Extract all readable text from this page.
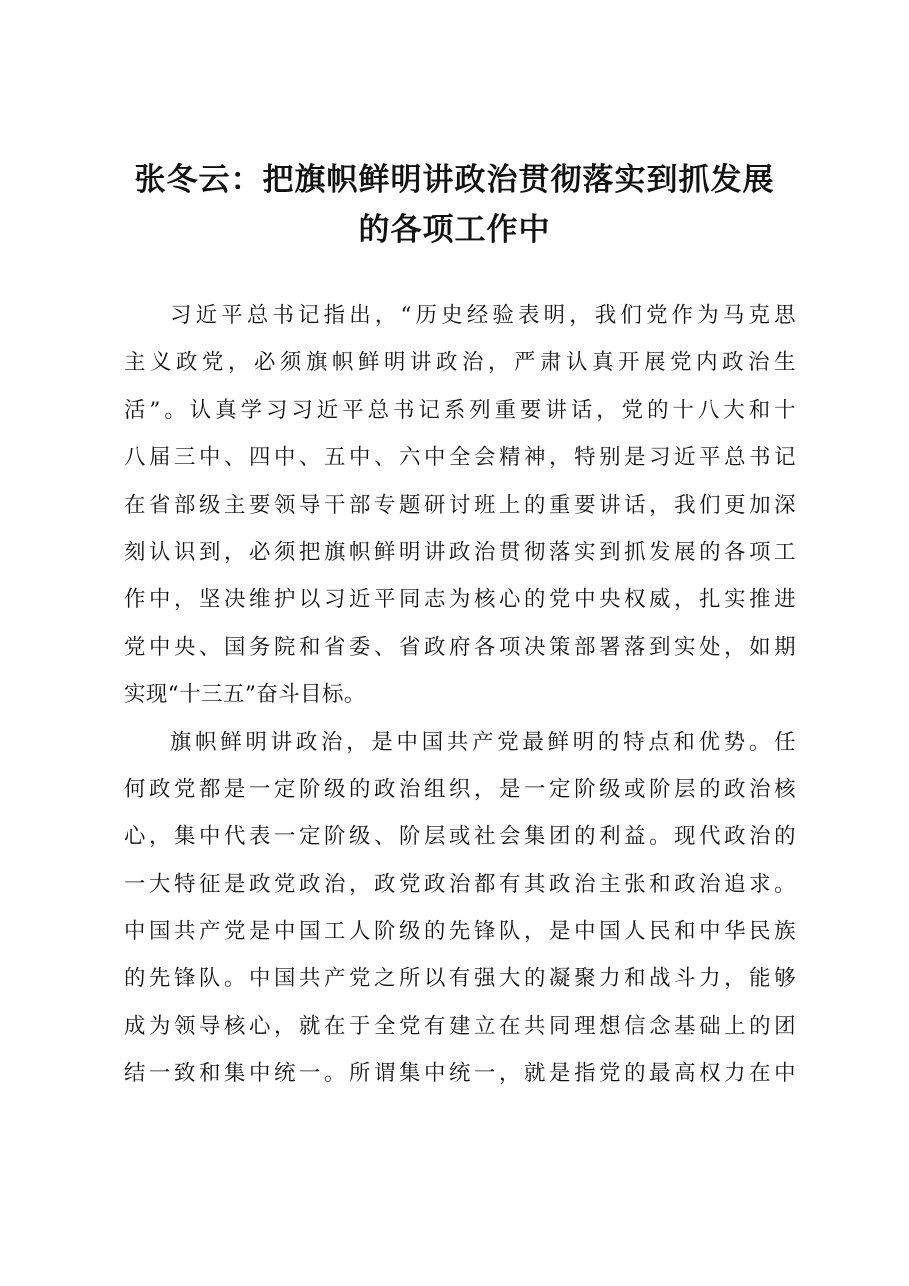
张冬云：把旗帜鲜明讲政治贯彻落实到抓发展
的各项工作中
习近平总书记指出，“历史经验表明，我们党作为马克思
主义政党，必须旗帜鲜明讲政治，严肃认真开展党内政治生
活”。认真学习习近平总书记系列重要讲话，党的十八大和十
八届三中、四中、五中、六中全会精神，特别是习近平总书记
在省部级主要领导干部专题研讨班上的重要讲话，我们更加深
刻认识到，必须把旗帜鲜明讲政治贯彻落实到抓发展的各项工
作中，坚决维护以习近平同志为核心的党中央权威，扎实推进
党中央、国务院和省委、省政府各项决策部署落到实处，如期
实现“十三五”奋斗目标。
旗帜鲜明讲政治，是中国共产党最鲜明的特点和优势。任
何政党都是一定阶级的政治组织，是一定阶级或阶层的政治核
心，集中代表一定阶级、阶层或社会集团的利益。现代政治的
一大特征是政党政治，政党政治都有其政治主张和政治追求。
中国共产党是中国工人阶级的先锋队，是中国人民和中华民族
的先锋队。中国共产党之所以有强大的凝聚力和战斗力，能够
成为领导核心，就在于全党有建立在共同理想信念基础上的团
结一致和集中统一。所谓集中统一，就是指党的最高权力在中
